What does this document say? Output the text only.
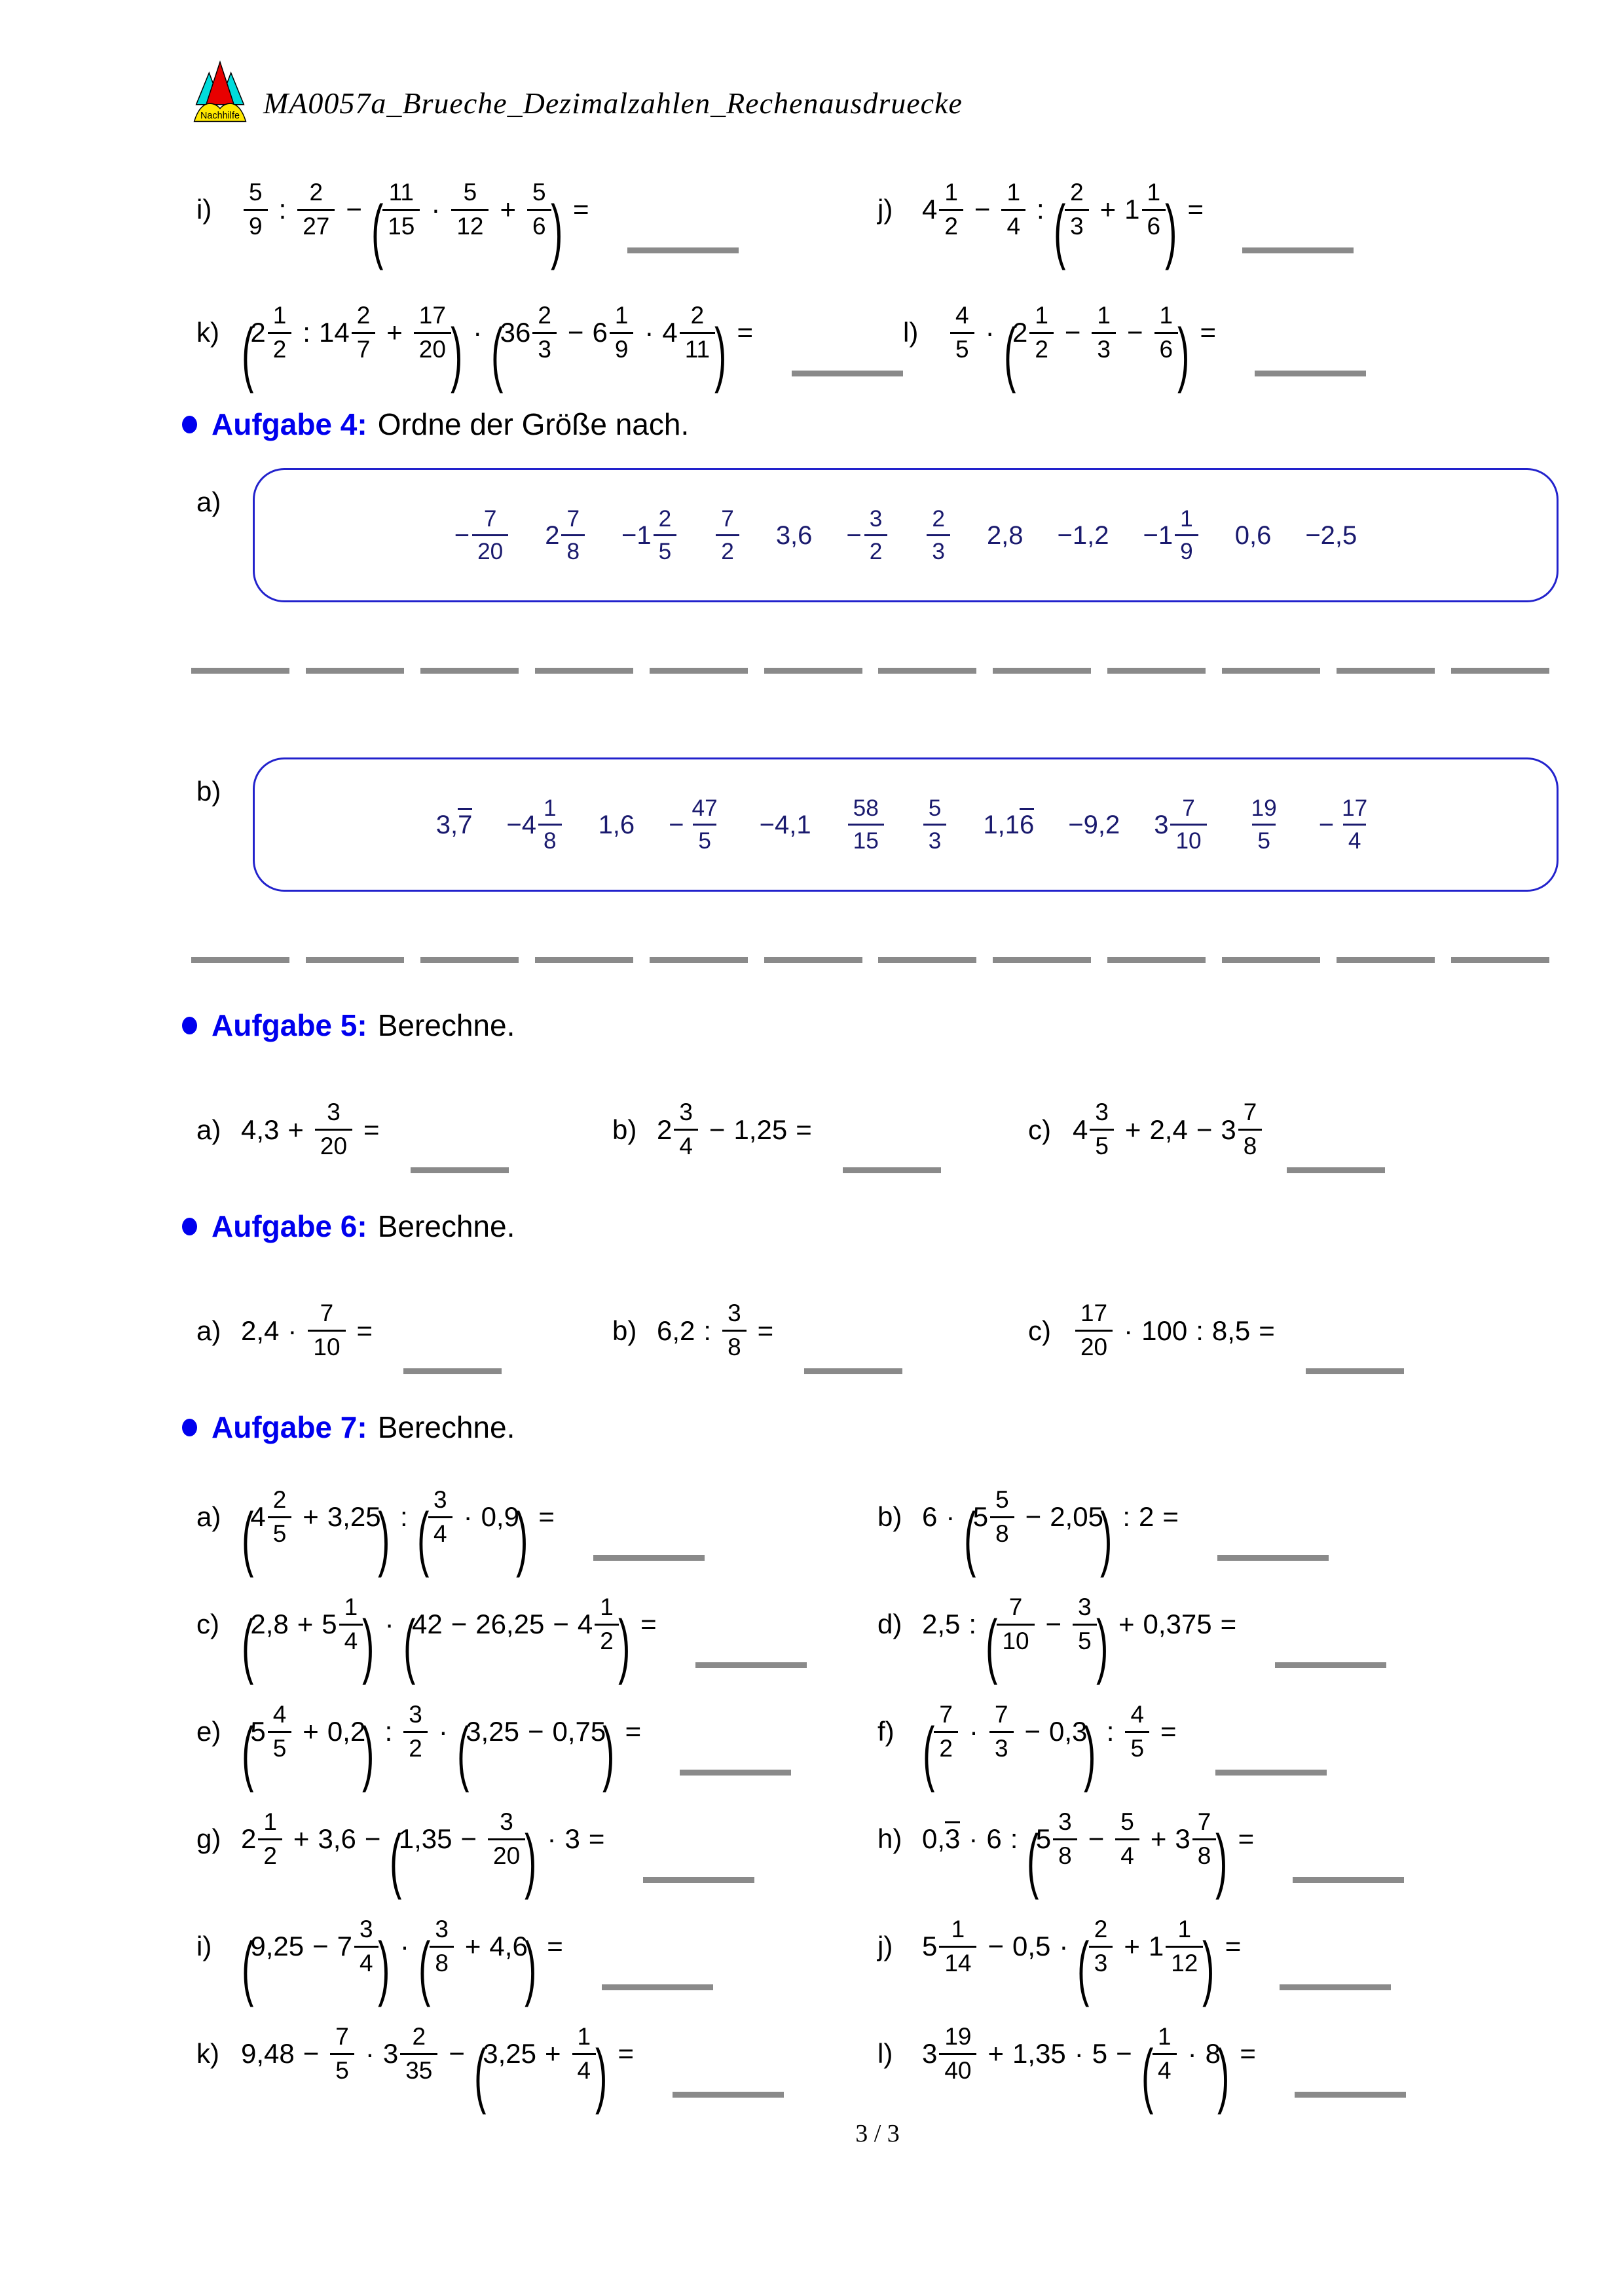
Nachhilfe MA0057a_Brueche_Dezimalzahlen_Rechenausdruecke
i)	$\frac{5}{9}$ : $\frac{2}{27}$ − ( $\frac{11}{15} \cdot \frac{5}{12} + \frac{5}{6}$ ) =	j)	$4 \frac{1}{2} - \frac{1}{4}$ : ( $\frac{2}{3} + 1 \frac{1}{6}$ ) =
k) (
$2 \frac{1}{2}$ : $14 \frac{2}{7} + \frac{17}{20}$ ) · (
$36 \frac{2}{3} - 6 \frac{1}{9} \cdot 4 \frac{2}{11}$ ) =	l)	$\frac{4}{5}$ · (
$2 \frac{1}{2} - \frac{1}{3} - \frac{1}{6}$ ) =
Aufgabe 4: Ordne der Größe nach.
a)
− $\frac{7}{20} 2 \frac{7}{8} - 1 \frac{2}{5} \frac{7}{2} 3,6 - \frac{3}{2} \frac{2}{3} 2,8 -1,2 - 1 \frac{1}{9} 0,6 -2,5$
b)
3, $7 - 4 \frac{1}{8} 1,6 - \frac{47}{5} -4,1 \frac{58}{15} \frac{5}{3} 1,1$ 6 −9,2 $3 \frac{7}{10} \frac{19}{5} - \frac{17}{4}$
Aufgabe 5: Berechne.
a) $4,3 + \frac{3}{20}$ =	b) $2 \frac{3}{4} - 1,25$ =	c) $4 \frac{3}{5} + 2,4 - 3 \frac{7}{8}$
Aufgabe 6: Berechne.
a) $2,4 \cdot \frac{7}{10}$ =	b) 6,2 : $\frac{3}{8}$ =	$c) \frac{17}{20} \cdot 100$ : 8,5 =
Aufgabe 7: Berechne.
a) (
$4 \frac{2}{5} + 3,25$
) : ( $\frac{3}{4} \cdot 0,9$
) =	b) 6 · (
$5 \frac{5}{8} - 2,05$
) : 2 =
c) (
$2,8 + 5 \frac{1}{4}$ ) · (
$42 - 26,25 - 4 \frac{1}{2}$ ) =	d) 2,5 : ( $\frac{7}{10} - \frac{3}{5}$ ) + 0,375 =
e) (
$5 \frac{4}{5} + 0,2$
) : $\frac{3}{2}$ · (
3,25 − 0,75
) =	f) ( $\frac{7}{2} \cdot \frac{7}{3} - 0,3$
) : $\frac{4}{5}$ =
g) $2 \frac{1}{2} + 3,6$ − (
$1,35 - \frac{3}{20}$ ) · 3 =	h) 0, 3 · 6 : (
$5 \frac{3}{8} - \frac{5}{4} + 3 \frac{7}{8}$ ) =
i) (
$9,25 - 7 \frac{3}{4}$ ) · ( $\frac{3}{8} + 4,6$
) =	j)	$5 \frac{1}{14} - 0,5$ · ( $\frac{2}{3} + 1 \frac{1}{12}$ ) =
k) $9,48 - \frac{7}{5} \cdot 3 \frac{2}{35}$ − (
$3,25 + \frac{1}{4}$ ) =	l)	$3 \frac{19}{40} + 1,35 \cdot 5$ − ( $\frac{1}{4} \cdot 8$
) =
3 / 3
